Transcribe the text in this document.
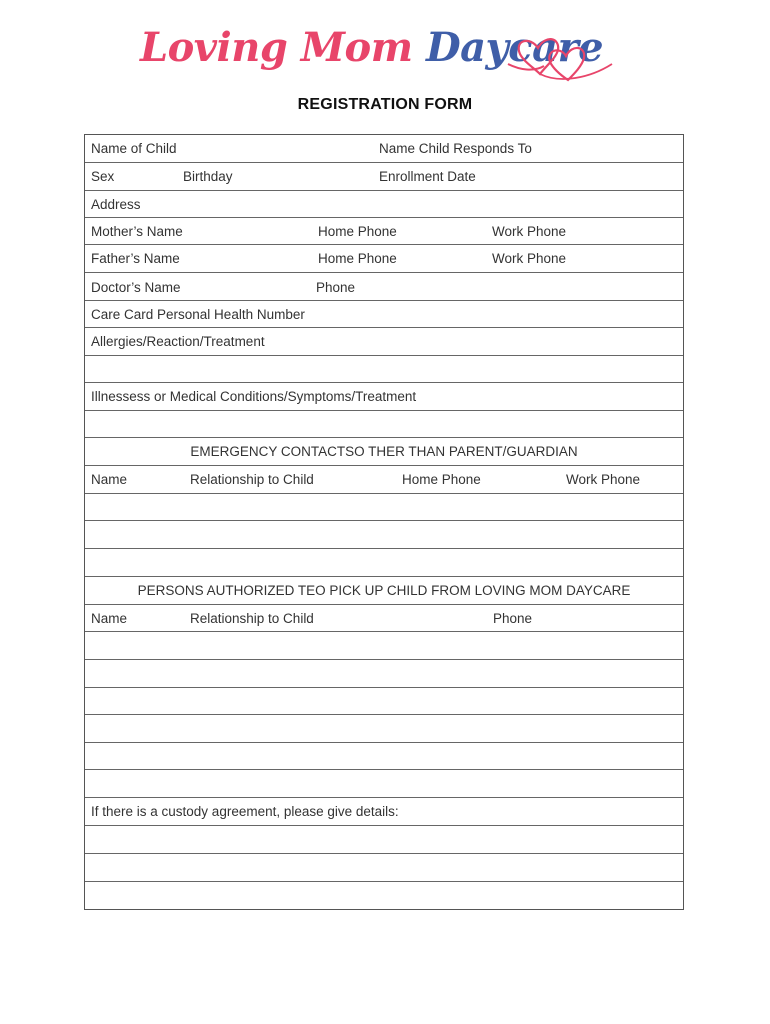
Loving Mom Daycare
REGISTRATION FORM
Name of Child	Name Child Responds To
Sex	Birthday	Enrollment Date
Address
Mother’s Name	Home Phone	Work Phone
Father’s Name	Home Phone	Work Phone
Doctor’s Name	Phone
Care Card Personal Health Number
Allergies/Reaction/Treatment
Illnessess or Medical Conditions/Symptoms/Treatment
EMERGENCY CONTACTSO THER THAN PARENT/GUARDIAN
Name	Relationship to Child	Home Phone	Work Phone
PERSONS AUTHORIZED TEO PICK UP CHILD FROM LOVING MOM DAYCARE
Name	Relationship to Child	Phone
If there is a custody agreement, please give details:
